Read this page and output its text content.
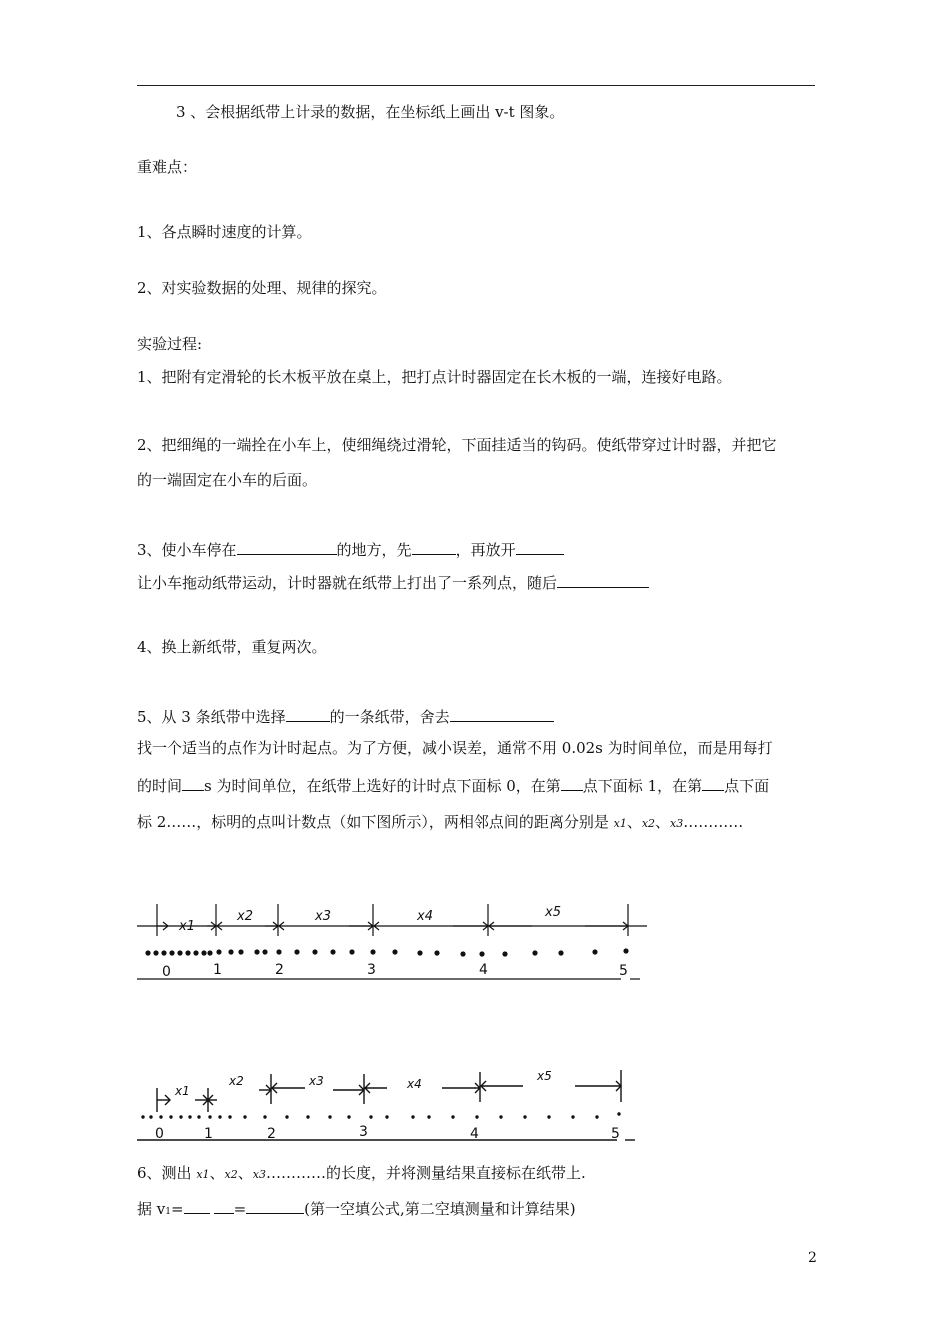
3 、会根据纸带上计录的数据，在坐标纸上画出 v-t 图象。
重难点：
1、各点瞬时速度的计算。
2、对实验数据的处理、规律的探究。
实验过程:
1、把附有定滑轮的长木板平放在桌上，把打点计时器固定在长木板的一端，连接好电路。
2、把细绳的一端拴在小车上，使细绳绕过滑轮，下面挂适当的钩码。使纸带穿过计时器，并把它
的一端固定在小车的后面。
3、使小车停在	的地方，先	，再放开
让小车拖动纸带运动，计时器就在纸带上打出了一系列点，随后
4、换上新纸带，重复两次。
5、从 3 条纸带中选择	的一条纸带，舍去
找一个适当的点作为计时起点。为了方便，减小误差，通常不用 0.02s 为时间单位，而是用每打
的时间 s 为时间单位，在纸带上选好的计时点下面标 0，在第 点下面标 1，在第 点下面
标 2……，标明的点叫计数点（如下图所示），两相邻点间的距离分别是 x1、x2、x3…………
x1
x2	x3	x4	x5
0	1	2	3	4	5
x1
x2	x3	x4
x5
0	1	2	3	4	5
6、测出 x1、x2、x3…………的长度，并将测量结果直接标在纸带上.
据 v1=	=	(第一空填公式,第二空填测量和计算结果)
2
